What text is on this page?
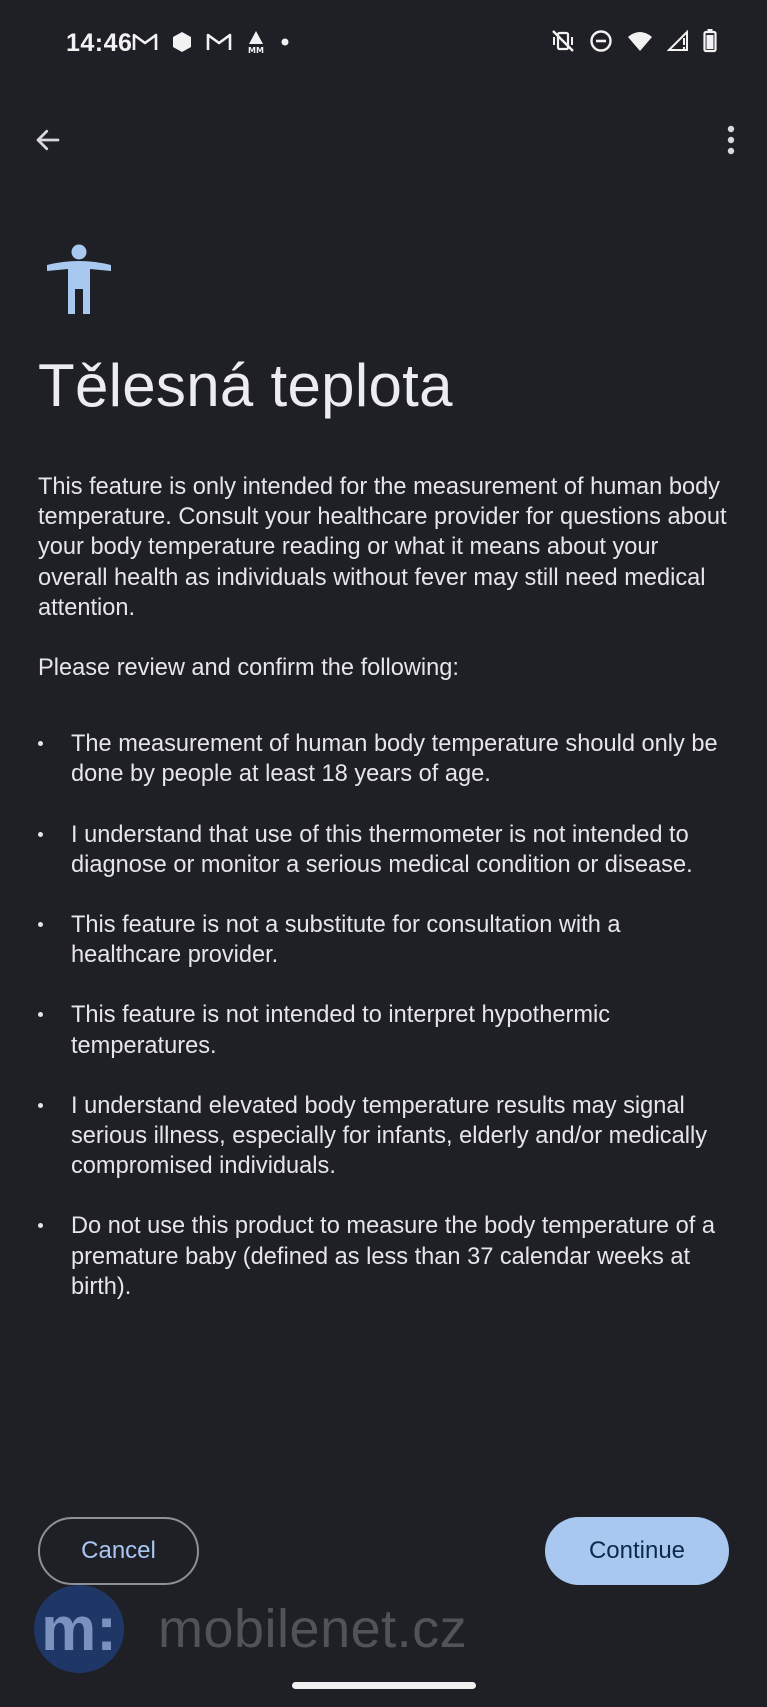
14:46	MM
Tělesná teplota

This feature is only intended for the measurement of human body temperature. Consult your healthcare provider for questions about your body temperature reading or what it means about your overall health as individuals without fever may still need medical attention.

Please review and confirm the following:

The measurement of human body temperature should only be done by people at least 18 years of age.
I understand that use of this thermometer is not intended to diagnose or monitor a serious medical condition or disease.
This feature is not a substitute for consultation with a healthcare provider.
This feature is not intended to interpret hypothermic temperatures.
I understand elevated body temperature results may signal serious illness, especially for infants, elderly and/or medically compromised individuals.
Do not use this product to measure the body temperature of a premature baby (defined as less than 37 calendar weeks at birth).
Cancel	Continue
m: mobilenet.cz
